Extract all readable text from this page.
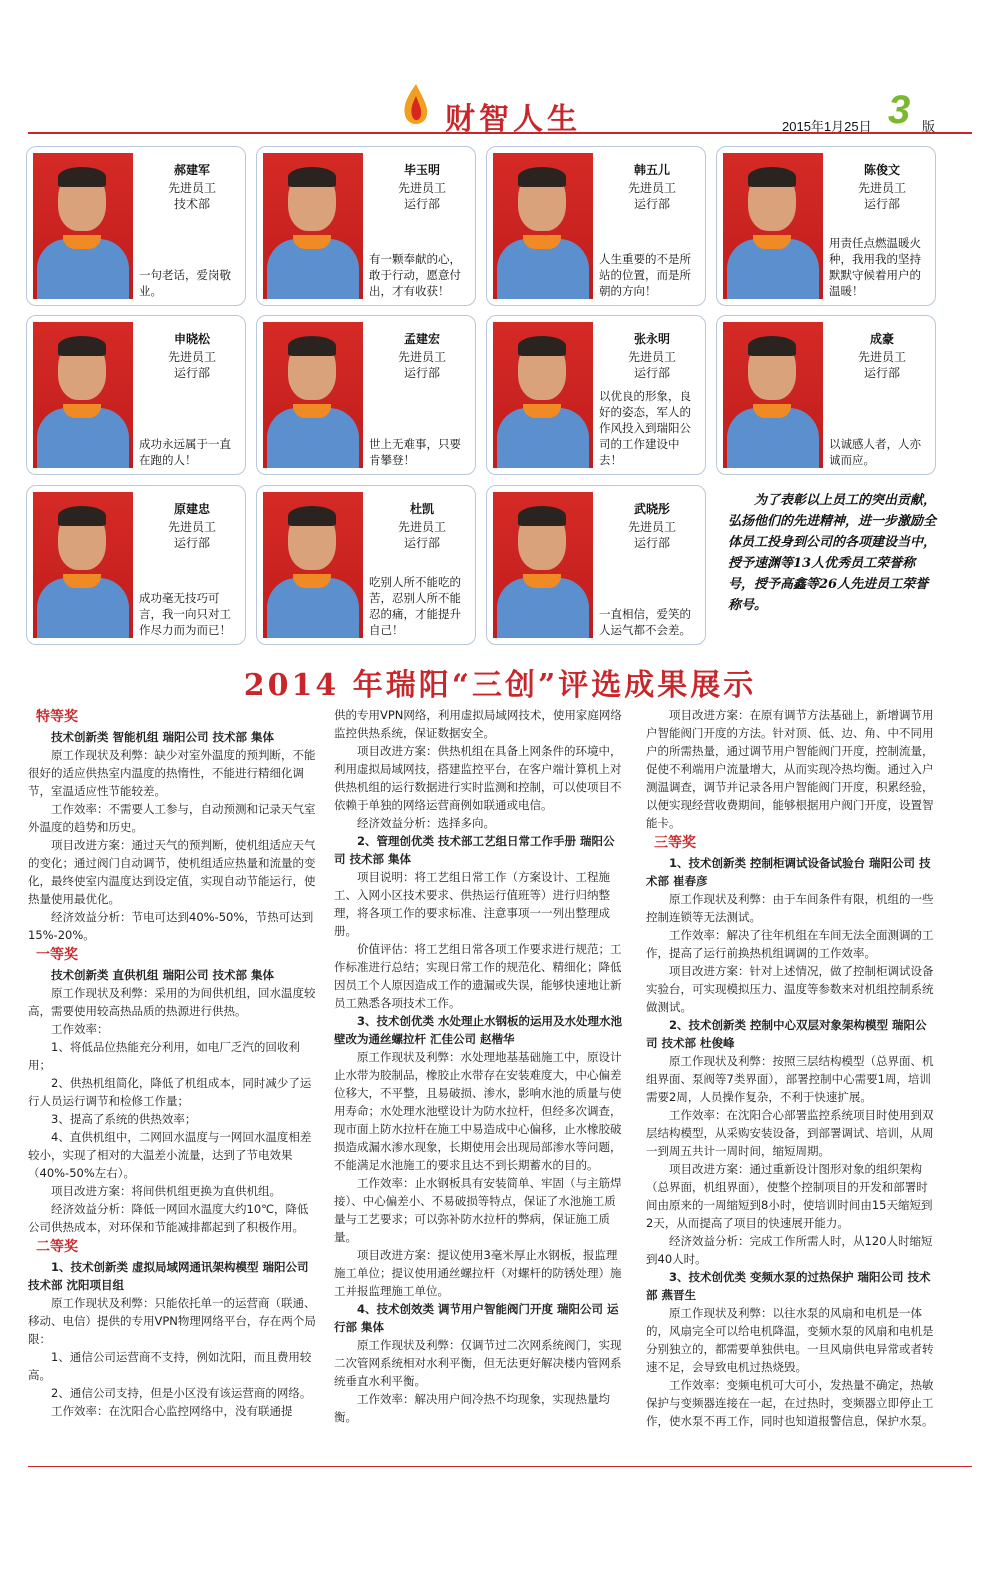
财智人生	2015年1月25日 3 版
郝建军
先进员工
技术部
一句老话，爱岗敬业。
毕玉明
先进员工
运行部
有一颗奉献的心，敢于行动，愿意付出，才有收获！
韩五儿
先进员工
运行部
人生重要的不是所站的位置，而是所朝的方向！
陈俊文
先进员工
运行部
用责任点燃温暖火种，我用我的坚持默默守候着用户的温暖！
申晓松
先进员工
运行部
成功永远属于一直在跑的人！
孟建宏
先进员工
运行部
世上无难事，只要肯攀登！
张永明
先进员工
运行部
以优良的形象，良好的姿态，军人的作风投入到瑞阳公司的工作建设中去！
成豪
先进员工
运行部
以诚感人者，人亦诚而应。
原建忠
先进员工
运行部
成功毫无技巧可言，我一向只对工作尽力而为而已！
杜凯
先进员工
运行部
吃别人所不能吃的苦，忍别人所不能忍的痛，才能提升自己！
武晓彤
先进员工
运行部
一直相信，爱笑的人运气都不会差。
为了表彰以上员工的突出贡献，弘扬他们的先进精神，进一步激励全体员工投身到公司的各项建设当中，授予速渊等13人优秀员工荣誉称号，授予高鑫等26人先进员工荣誉称号。
2014 年瑞阳“三创”评选成果展示

特等奖

技术创新类 智能机组 瑞阳公司 技术部 集体

原工作现状及利弊：缺少对室外温度的预判断，不能很好的适应供热室内温度的热惰性，不能进行精细化调节，室温适应性节能较差。

工作效率：不需要人工参与，自动预测和记录天气室外温度的趋势和历史。

项目改进方案：通过天气的预判断，使机组适应天气的变化；通过阀门自动调节，使机组适应热量和流量的变化，最终使室内温度达到设定值，实现自动节能运行，使热量使用最优化。

经济效益分析：节电可达到40%-50%，节热可达到15%-20%。

一等奖

技术创新类 直供机组 瑞阳公司 技术部 集体

原工作现状及利弊：采用的为间供机组，回水温度较高，需要使用较高热品质的热源进行供热。

工作效率：

1、将低品位热能充分利用，如电厂乏汽的回收利用；

2、供热机组简化，降低了机组成本，同时减少了运行人员运行调节和检修工作量；

3、提高了系统的供热效率；

4、直供机组中，二网回水温度与一网回水温度相差较小，实现了相对的大温差小流量，达到了节电效果（40%-50%左右）。

项目改进方案：将间供机组更换为直供机组。

经济效益分析：降低一网回水温度大约10℃，降低公司供热成本，对环保和节能减排都起到了积极作用。

二等奖

1、技术创新类 虚拟局域网通讯架构模型 瑞阳公司 技术部 沈阳项目组

原工作现状及利弊：只能依托单一的运营商（联通、移动、电信）提供的专用VPN物理网络平台，存在两个局限：

1、通信公司运营商不支持，例如沈阳，而且费用较高。

2、通信公司支持，但是小区没有该运营商的网络。

工作效率：在沈阳合心监控网络中，没有联通提

供的专用VPN网络，利用虚拟局域网技术，使用家庭网络监控供热系统，保证数据安全。

项目改进方案：供热机组在具备上网条件的环境中，利用虚拟局域网技，搭建监控平台，在客户端计算机上对供热机组的运行数据进行实时监测和控制，可以使项目不依赖于单独的网络运营商例如联通或电信。

经济效益分析：选择多向。

2、管理创优类 技术部工艺组日常工作手册 瑞阳公司 技术部 集体

项目说明：将工艺组日常工作（方案设计、工程施工、入网小区技术要求、供热运行值班等）进行归纳整理，将各项工作的要求标准、注意事项一一列出整理成册。

价值评估：将工艺组日常各项工作要求进行规范；工作标准进行总结；实现日常工作的规范化、精细化；降低因员工个人原因造成工作的遗漏或失误，能够快速地让新员工熟悉各项技术工作。

3、技术创优类 水处理止水钢板的运用及水处理水池壁改为通丝螺拉杆 汇佳公司 赵楷华

原工作现状及利弊：水处理地基基础施工中，原设计止水带为胶制品，橡胶止水带存在安装难度大，中心偏差位移大，不平整，且易破损、渗水，影响水池的质量与使用寿命；水处理水池壁设计为防水拉杆，但经多次调查，现市面上防水拉杆在施工中易造成中心偏移，止水橡胶破损造成漏水渗水现象，长期使用会出现局部渗水等问题，不能满足水池施工的要求且达不到长期蓄水的目的。

工作效率：止水钢板具有安装简单、牢固（与主筋焊接）、中心偏差小、不易破损等特点，保证了水池施工质量与工艺要求；可以弥补防水拉杆的弊病，保证施工质量。

项目改进方案：提议使用3毫米厚止水钢板，报监理施工单位；提议使用通丝螺拉杆（对螺杆的防锈处理）施工并报监理施工单位。

4、技术创效类 调节用户智能阀门开度 瑞阳公司 运行部 集体

原工作现状及利弊：仅调节过二次网系统阀门，实现二次管网系统相对水利平衡，但无法更好解决楼内管网系统垂直水利平衡。

工作效率：解决用户间冷热不均现象，实现热量均衡。

项目改进方案：在原有调节方法基础上，新增调节用户智能阀门开度的方法。针对顶、低、边、角、中不同用户的所需热量，通过调节用户智能阀门开度，控制流量，促使不利端用户流量增大，从而实现冷热均衡。通过入户测温调查，调节并记录各用户智能阀门开度，积累经验，以便实现经营收费期间，能够根据用户阀门开度，设置智能卡。

三等奖

1、技术创新类 控制柜调试设备试验台 瑞阳公司 技术部 崔春彦

原工作现状及利弊：由于车间条件有限，机组的一些控制连锁等无法测试。

工作效率：解决了往年机组在车间无法全面测调的工作，提高了运行前换热机组调调的工作效率。

项目改进方案：针对上述情况，做了控制柜调试设备实验台，可实现模拟压力、温度等参数来对机组控制系统做测试。

2、技术创新类 控制中心双层对象架构模型 瑞阳公司 技术部 杜俊峰

原工作现状及利弊：按照三层结构模型（总界面、机组界面、泵阀等7类界面），部署控制中心需要1周，培训需要2周，人员操作复杂，不利于快速扩展。

工作效率：在沈阳合心部署监控系统项目时使用到双层结构模型，从采购安装设备，到部署调试、培训，从周一到周五共计一周时间，缩短周期。

项目改进方案：通过重新设计图形对象的组织架构（总界面，机组界面），使整个控制项目的开发和部署时间由原来的一周缩短到8小时，使培训时间由15天缩短到2天，从而提高了项目的快速展开能力。

经济效益分析：完成工作所需人时，从120人时缩短到40人时。

3、技术创优类 变频水泵的过热保护 瑞阳公司 技术部 燕晋生

原工作现状及利弊：以往水泵的风扇和电机是一体的，风扇完全可以给电机降温，变频水泵的风扇和电机是分别独立的，都需要单独供电。一旦风扇供电异常或者转速不足，会导致电机过热烧毁。

工作效率：变频电机可大可小，发热量不确定，热敏保护与变频器连接在一起，在过热时，变频器立即停止工作，使水泵不再工作，同时也知道报警信息，保护水泵。
